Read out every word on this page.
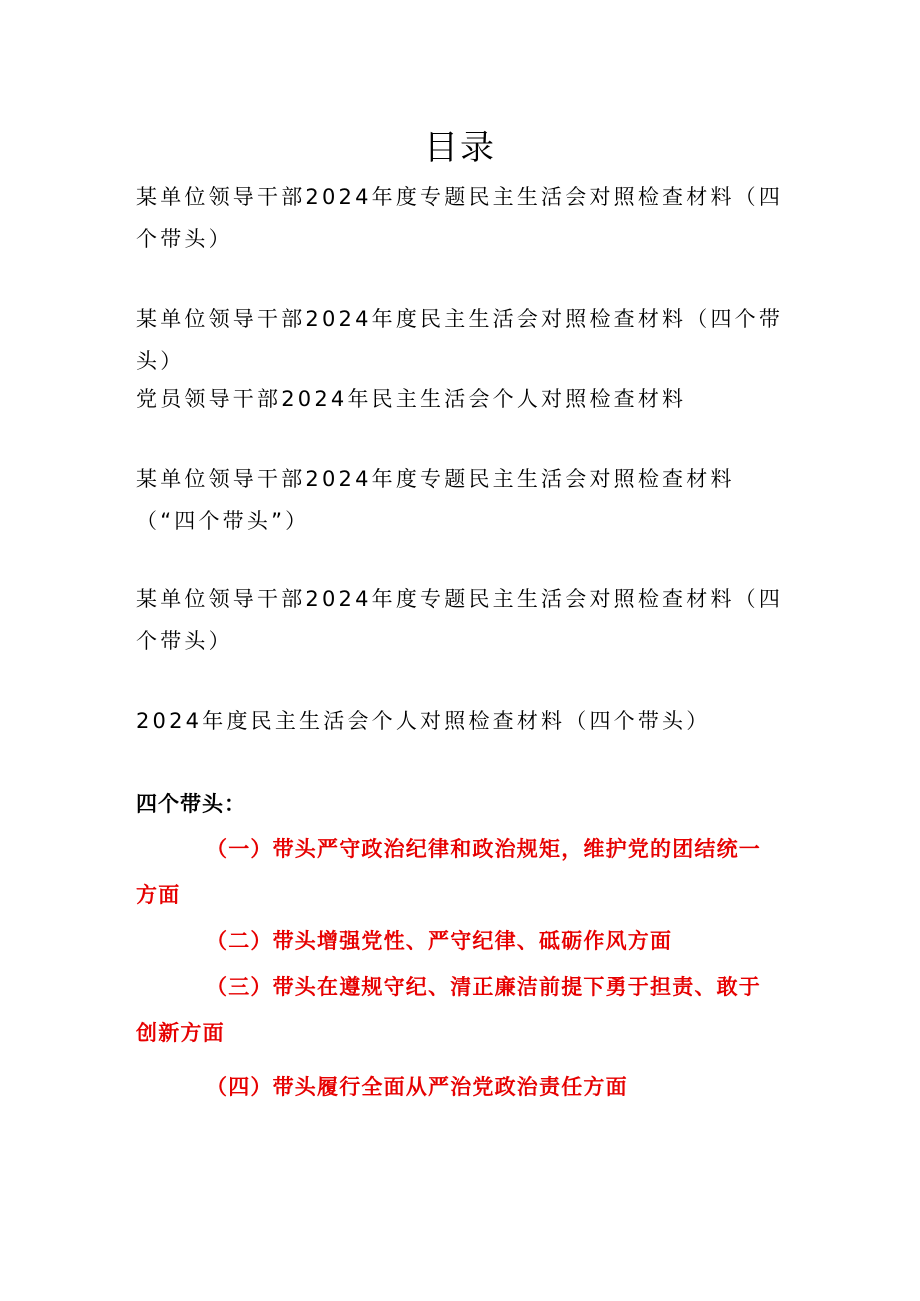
目录

某单位领导干部2024年度专题民主生活会对照检查材料（四个带头）

某单位领导干部2024年度民主生活会对照检查材料（四个带头）

党员领导干部2024年民主生活会个人对照检查材料

某单位领导干部2024年度专题民主生活会对照检查材料（“四个带头”）

某单位领导干部2024年度专题民主生活会对照检查材料（四个带头）

2024年度民主生活会个人对照检查材料（四个带头）

四个带头：

（一）带头严守政治纪律和政治规矩，维护党的团结统一方面

（二）带头增强党性、严守纪律、砥砺作风方面

（三）带头在遵规守纪、清正廉洁前提下勇于担责、敢于创新方面

（四）带头履行全面从严治党政治责任方面
